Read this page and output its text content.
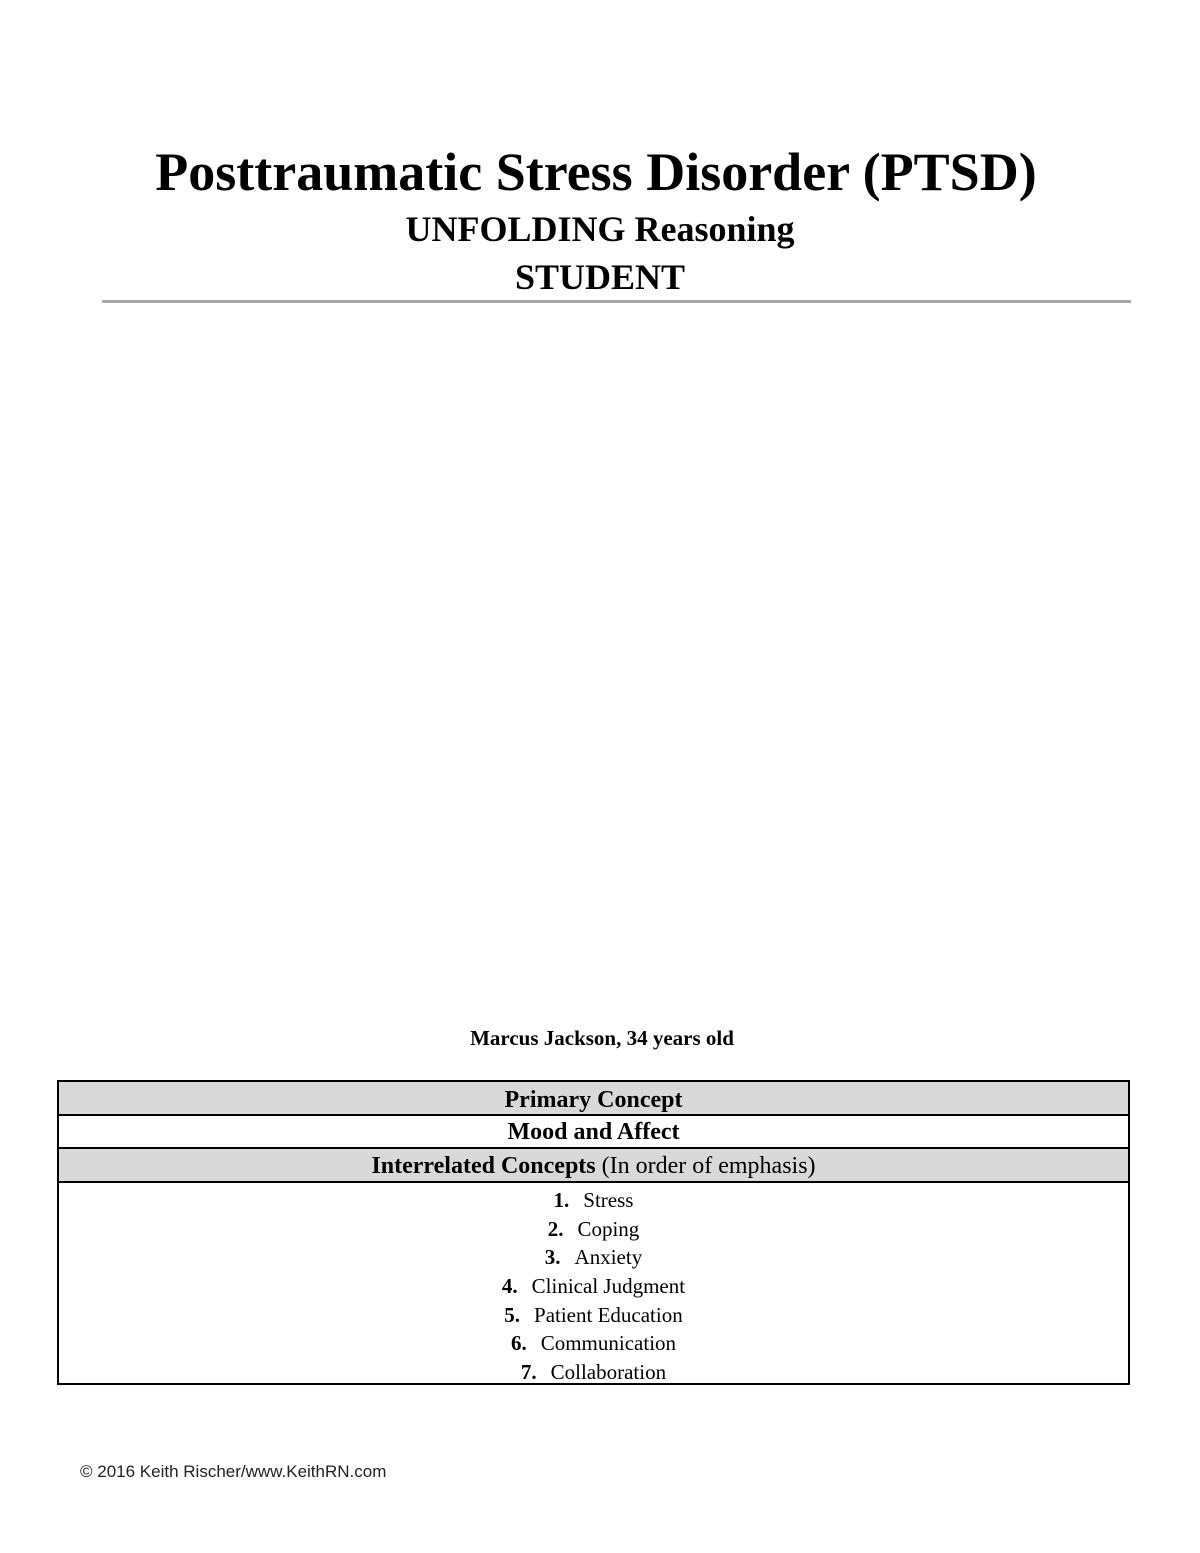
Posttraumatic Stress Disorder (PTSD)
UNFOLDING Reasoning
STUDENT
Marcus Jackson, 34 years old
Primary Concept
Mood and Affect
Interrelated Concepts (In order of emphasis)
1. Stress
2. Coping
3. Anxiety
4. Clinical Judgment
5. Patient Education
6. Communication
7. Collaboration
© 2016 Keith Rischer/www.KeithRN.com
